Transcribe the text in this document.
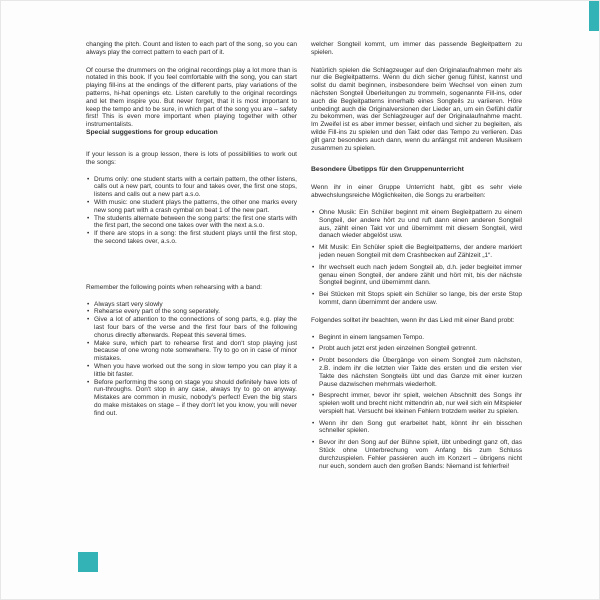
changing the pitch. Count and listen to each part of the song, so you can always play the correct pattern to each part of it.

Of course the drummers on the original recordings play a lot more than is notated in this book. If you feel comfortable with the song, you can start playing fill-ins at the endings of the different parts, play variations of the patterns, hi-hat openings etc. Listen carefully to the original recordings and let them inspire you. But never forget, that it is most important to keep the tempo and to be sure, in which part of the song you are – safety first! This is even more important when playing together with other instrumentalists.

Special suggestions for group education

If your lesson is a group lesson, there is lots of possibilities to work out the songs:

• Drums only: one student starts with a certain pattern, the other listens, calls out a new part, counts to four and takes over, the first one stops, listens and calls out a new part a.s.o.
• With music: one student plays the patterns, the other one marks every new song part with a crash cymbal on beat 1 of the new part.
• The students alternate between the song parts: the first one starts with the first part, the second one takes over with the next a.s.o.
• If there are stops in a song: the first student plays until the first stop, the second takes over, a.s.o.

Remember the following points when rehearsing with a band:

• Always start very slowly
• Rehearse every part of the song seperately.
• Give a lot of attention to the connections of song parts, e.g. play the last four bars of the verse and the first four bars of the following chorus directly afterwards. Repeat this several times.
• Make sure, which part to rehearse first and don't stop playing just because of one wrong note somewhere. Try to go on in case of minor mistakes.
• When you have worked out the song in slow tempo you can play it a little bit faster.
• Before performing the song on stage you should definitely have lots of run-throughs. Don't stop in any case, always try to go on anyway. Mistakes are common in music, nobody's perfect! Even the big stars do make mistakes on stage – if they don't let you know, you will never find out.

welcher Songteil kommt, um immer das passende Begleitpattern zu spielen.

Natürlich spielen die Schlagzeuger auf den Originalaufnahmen mehr als nur die Begleitpatterns. Wenn du dich sicher genug fühlst, kannst und sollst du damit beginnen, insbesondere beim Wechsel von einen zum nächsten Songteil Überleitungen zu trommeln, sogenannte Fill-ins, oder auch die Begleitpatterns innerhalb eines Songteils zu variieren. Höre unbedingt auch die Originalversionen der Lieder an, um ein Gefühl dafür zu bekommen, was der Schlagzeuger auf der Originalaufnahme macht. Im Zweifel ist es aber immer besser, einfach und sicher zu begleiten, als wilde Fill-ins zu spielen und den Takt oder das Tempo zu verlieren. Das gilt ganz besonders auch dann, wenn du anfängst mit anderen Musikern zusammen zu spielen.

Besondere Übetipps für den Gruppenunterricht

Wenn ihr in einer Gruppe Unterricht habt, gibt es sehr viele abwechslungsreiche Möglichkeiten, die Songs zu erarbeiten:

• Ohne Musik: Ein Schüler beginnt mit einem Begleitpattern zu einem Songteil, der andere hört zu und ruft dann einen anderen Songteil aus, zählt einen Takt vor und übernimmt mit diesem Songteil, wird danach wieder abgelöst usw.
• Mit Musik: Ein Schüler spielt die Begleitpatterns, der andere markiert jeden neuen Songteil mit dem Crashbecken auf Zählzeit „1“.
• Ihr wechselt euch nach jedem Songteil ab, d.h. jeder begleitet immer genau einen Songteil, der andere zählt und hört mit, bis der nächste Songteil beginnt, und übernimmt dann.
• Bei Stücken mit Stops spielt ein Schüler so lange, bis der erste Stop kommt, dann übernimmt der andere usw.

Folgendes solltet ihr beachten, wenn ihr das Lied mit einer Band probt:

• Beginnt in einem langsamen Tempo.
• Probt auch jetzt erst jeden einzelnen Songteil getrennt.
• Probt besonders die Übergänge von einem Songteil zum nächsten, z.B. indem ihr die letzten vier Takte des ersten und die ersten vier Takte des nächsten Songteils übt und das Ganze mit einer kurzen Pause dazwischen mehrmals wiederholt.
• Besprecht immer, bevor ihr spielt, welchen Abschnitt des Songs ihr spielen wollt und brecht nicht mittendrin ab, nur weil sich ein Mitspieler verspielt hat. Versucht bei kleinen Fehlern trotzdem weiter zu spielen.
• Wenn ihr den Song gut erarbeitet habt, könnt ihr ein bisschen schneller spielen.
• Bevor ihr den Song auf der Bühne spielt, übt unbedingt ganz oft, das Stück ohne Unterbrechung vom Anfang bis zum Schluss durchzuspielen. Fehler passieren auch im Konzert – übrigens nicht nur euch, sondern auch den großen Bands: Niemand ist fehlerfrei!
